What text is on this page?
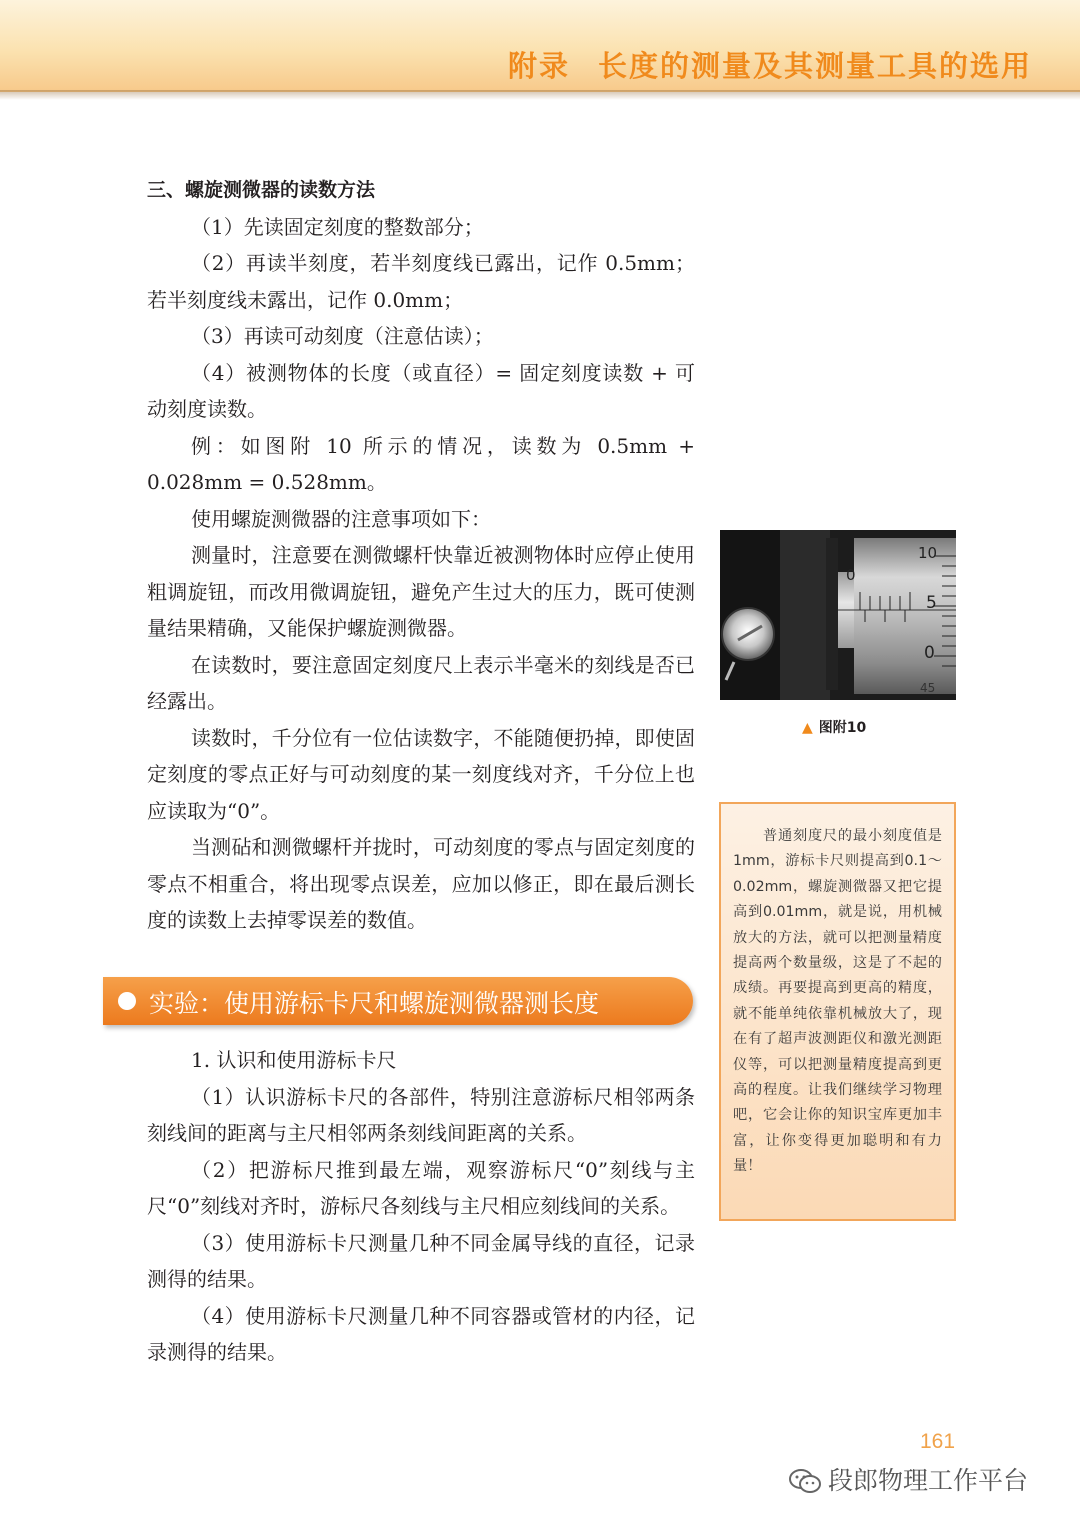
附录 长度的测量及其测量工具的选用

三、螺旋测微器的读数方法

（1）先读固定刻度的整数部分；

（2）再读半刻度，若半刻度线已露出，记作 0.5mm；若半刻度线未露出，记作 0.0mm；

（3）再读可动刻度（注意估读）；

（4）被测物体的长度（或直径）= 固定刻度读数 + 可动刻度读数。

例：如图附 10 所示的情况，读数为 0.5mm + 0.028mm = 0.528mm。

使用螺旋测微器的注意事项如下：

测量时，注意要在测微螺杆快靠近被测物体时应停止使用粗调旋钮，而改用微调旋钮，避免产生过大的压力，既可使测量结果精确，又能保护螺旋测微器。

在读数时，要注意固定刻度尺上表示半毫米的刻线是否已经露出。

读数时，千分位有一位估读数字，不能随便扔掉，即使固定刻度的零点正好与可动刻度的某一刻度线对齐，千分位上也应读取为“0”。

当测砧和测微螺杆并拢时，可动刻度的零点与固定刻度的零点不相重合，将出现零点误差，应加以修正，即在最后测长度的读数上去掉零误差的数值。

实验：使用游标卡尺和螺旋测微器测长度

1. 认识和使用游标卡尺

（1）认识游标卡尺的各部件，特别注意游标尺相邻两条刻线间的距离与主尺相邻两条刻线间距离的关系。

（2）把游标尺推到最左端，观察游标尺“0”刻线与主尺“0”刻线对齐时，游标尺各刻线与主尺相应刻线间的关系。

（3）使用游标卡尺测量几种不同金属导线的直径，记录测得的结果。

（4）使用游标卡尺测量几种不同容器或管材的内径，记录测得的结果。

10
5
0
0
45
▲ 图附10

普通刻度尺的最小刻度值是1mm，游标卡尺则提高到0.1～0.02mm，螺旋测微器又把它提高到0.01mm，就是说，用机械放大的方法，就可以把测量精度提高两个数量级，这是了不起的成绩。再要提高到更高的精度，就不能单纯依靠机械放大了，现在有了超声波测距仪和激光测距仪等，可以把测量精度提高到更高的程度。让我们继续学习物理吧，它会让你的知识宝库更加丰富，让你变得更加聪明和有力量！

161
段郎物理工作平台
